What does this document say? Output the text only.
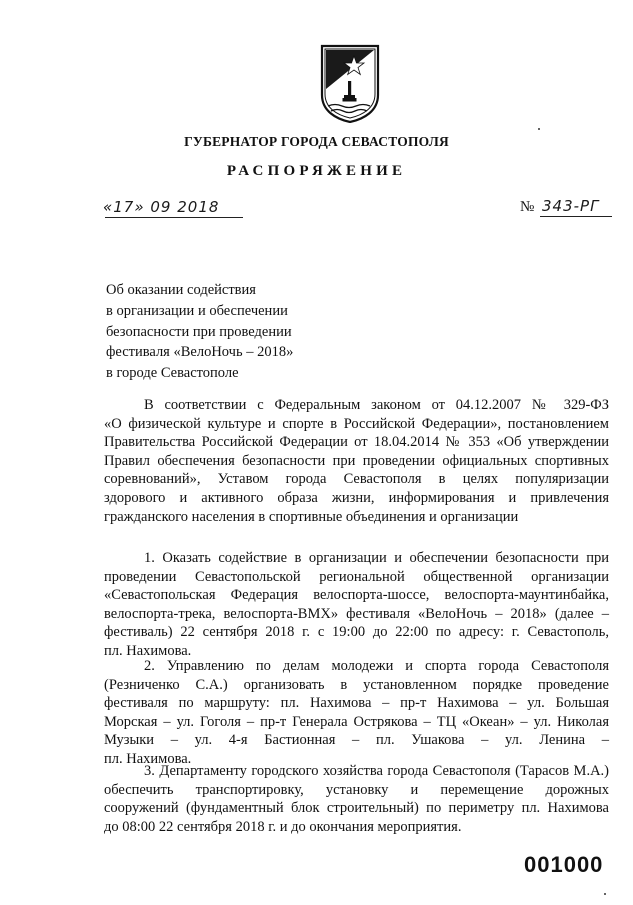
ГУБЕРНАТОР ГОРОДА СЕВАСТОПОЛЯ
РАСПОРЯЖЕНИЕ
«17» 09 2018	№ 343-РГ
Об оказании содействия
в организации и обеспечении
безопасности при проведении
фестиваля «ВелоНочь – 2018»
в городе Севастополе
В соответствии с Федеральным законом от 04.12.2007 № 329-ФЗ
«О физической культуре и спорте в Российской Федерации», постановлением
Правительства Российской Федерации от 18.04.2014 № 353 «Об утверждении
Правил обеспечения безопасности при проведении официальных спортивных
соревнований», Уставом города Севастополя в целях популяризации
здорового и активного образа жизни, информирования и привлечения
гражданского населения в спортивные объединения и организации
1. Оказать содействие в организации и обеспечении безопасности при
проведении Севастопольской региональной общественной организации
«Севастопольская Федерация велоспорта-шоссе, велоспорта-маунтинбайка,
велоспорта-трека, велоспорта-ВМХ» фестиваля «ВелоНочь – 2018» (далее –
фестиваль) 22 сентября 2018 г. с 19:00 до 22:00 по адресу: г. Севастополь,
пл. Нахимова.
2. Управлению по делам молодежи и спорта города Севастополя
(Резниченко С.А.) организовать в установленном порядке проведение
фестиваля по маршруту: пл. Нахимова – пр-т Нахимова – ул. Большая
Морская – ул. Гоголя – пр-т Генерала Острякова – ТЦ «Океан» – ул. Николая
Музыки – ул. 4-я Бастионная – пл. Ушакова – ул. Ленина –
пл. Нахимова.
3. Департаменту городского хозяйства города Севастополя (Тарасов М.А.)
обеспечить транспортировку, установку и перемещение дорожных
сооружений (фундаментный блок строительный) по периметру пл. Нахимова
до 08:00 22 сентября 2018 г. и до окончания мероприятия.
001000
